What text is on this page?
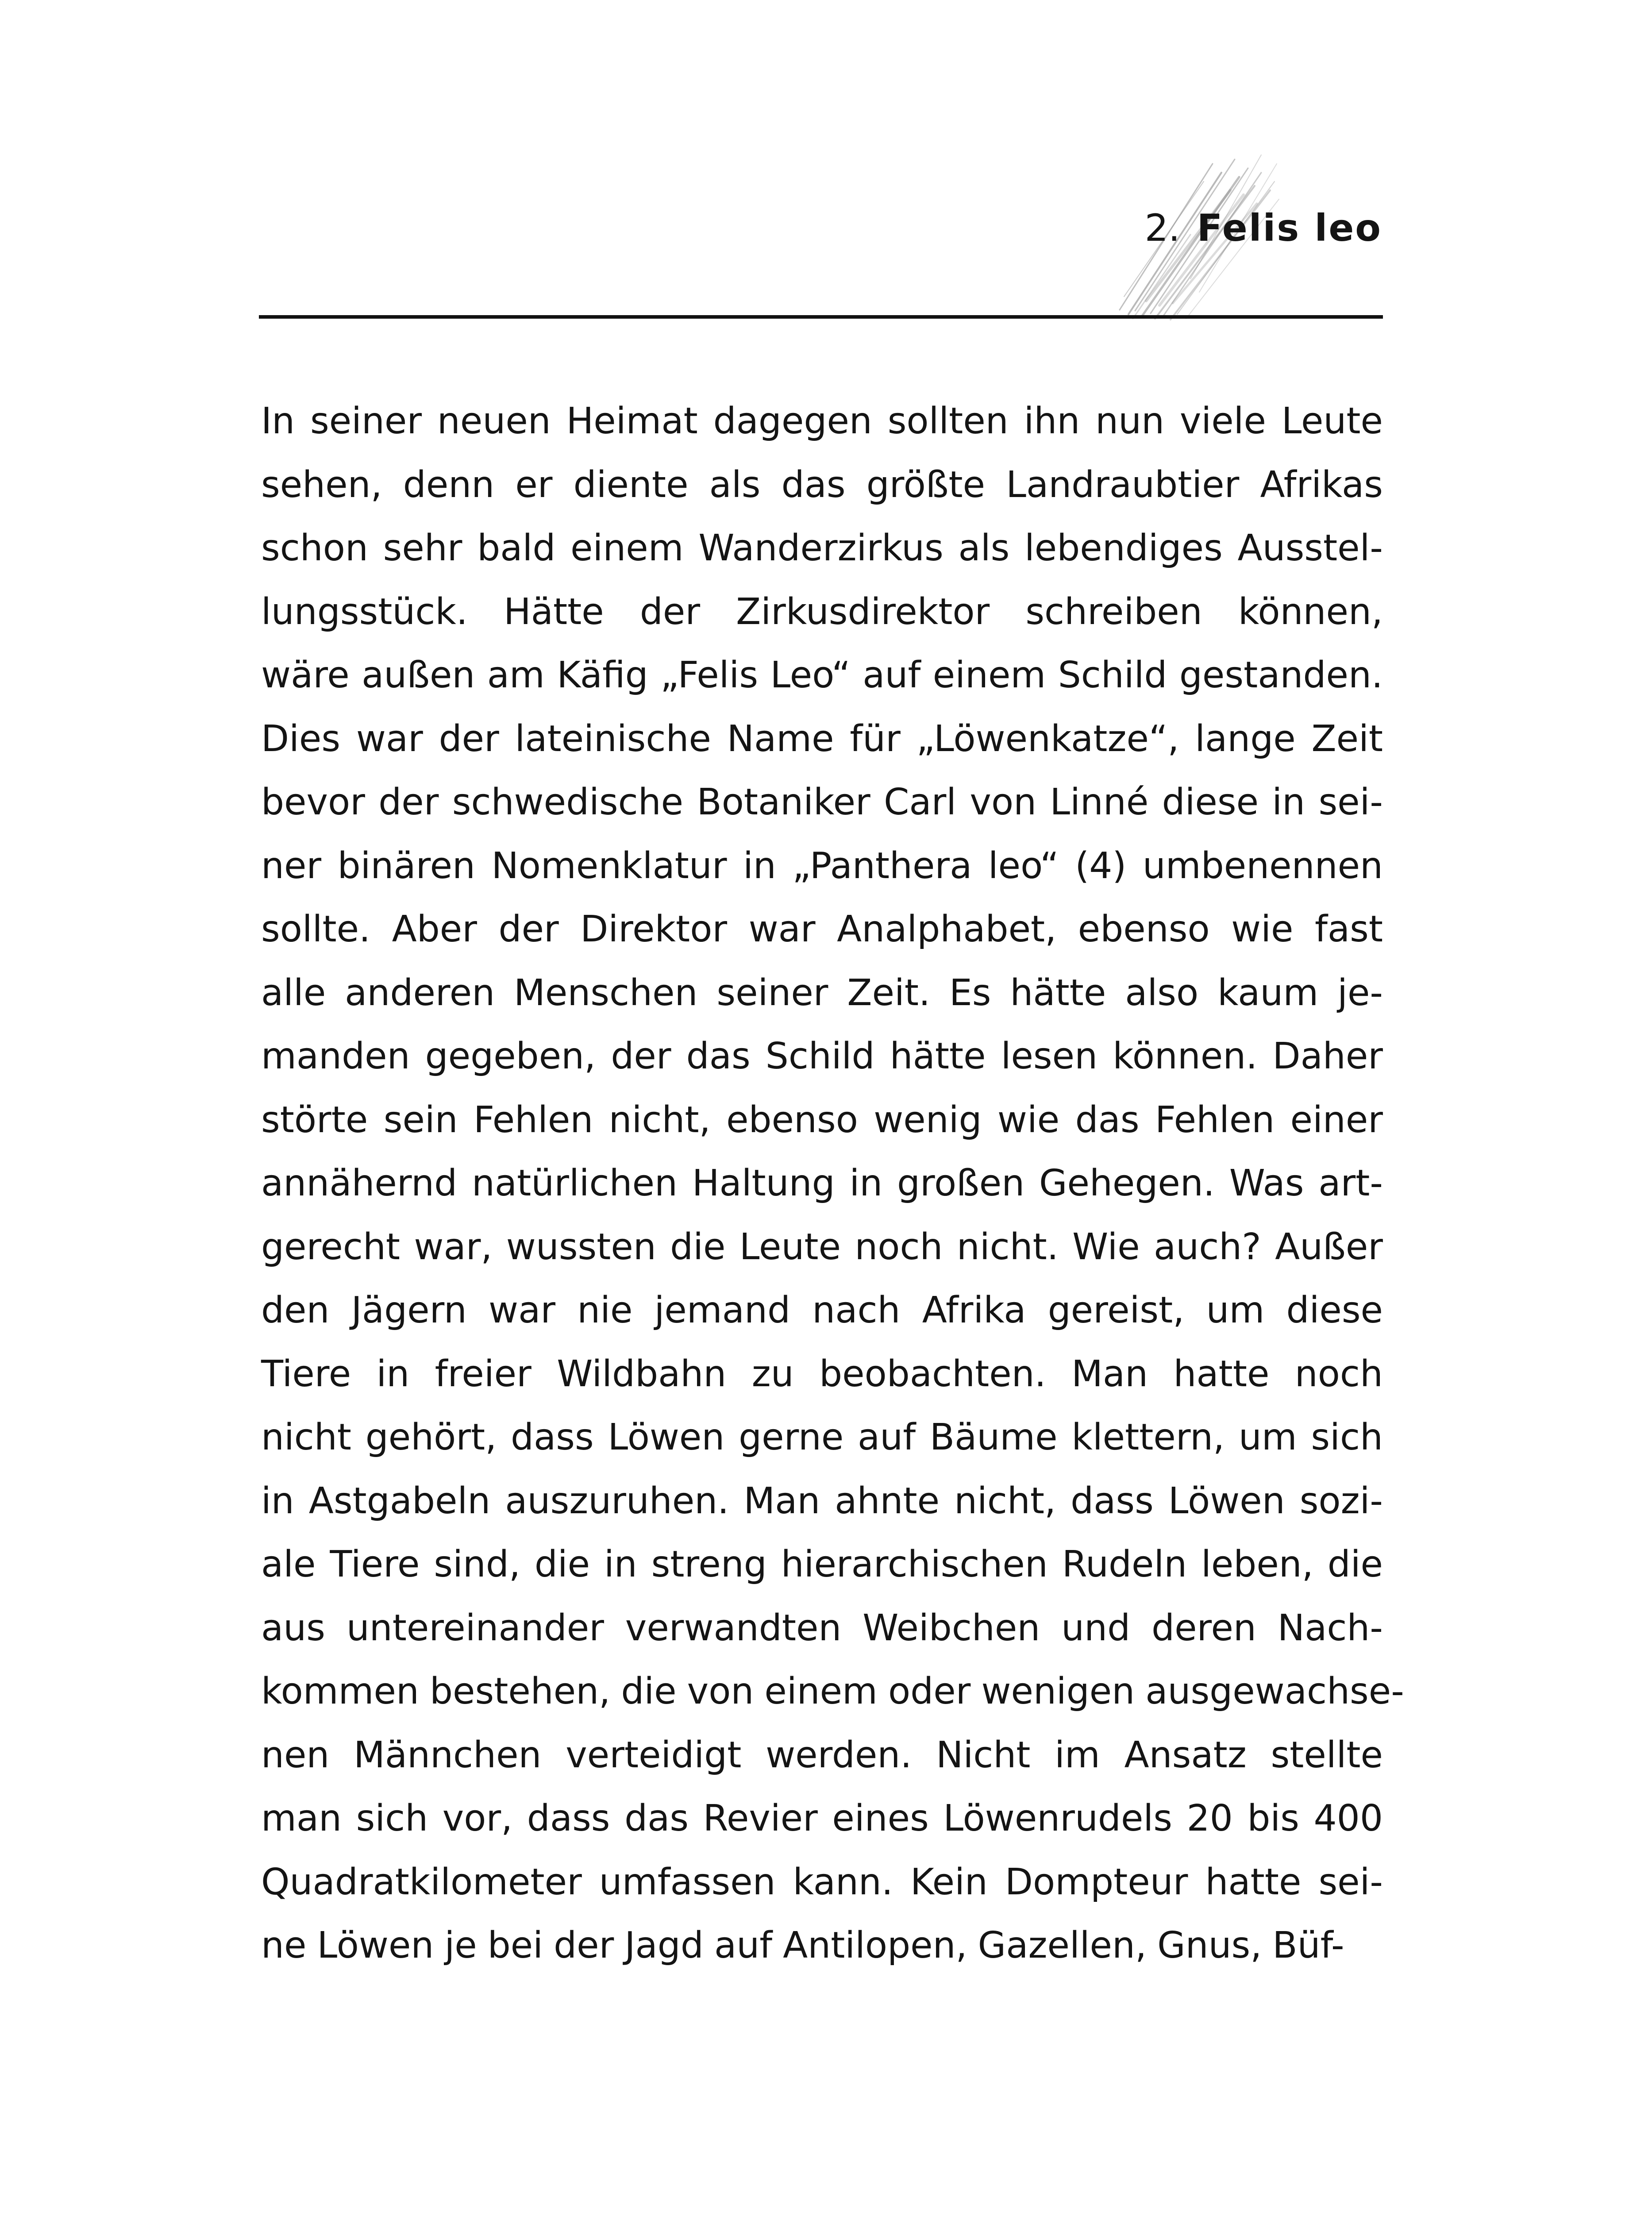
2. Felis leo
In seiner neuen Heimat dagegen sollten ihn nun viele Leute
sehen, denn er diente als das größte Landraubtier Afrikas
schon sehr bald einem Wanderzirkus als lebendiges Ausstel-
lungsstück. Hätte der Zirkusdirektor schreiben können,
wäre außen am Käfig „Felis Leo“ auf einem Schild gestanden.
Dies war der lateinische Name für „Löwenkatze“, lange Zeit
bevor der schwedische Botaniker Carl von Linné diese in sei-
ner binären Nomenklatur in „Panthera leo“ (4) umbenennen
sollte. Aber der Direktor war Analphabet, ebenso wie fast
alle anderen Menschen seiner Zeit. Es hätte also kaum je-
manden gegeben, der das Schild hätte lesen können. Daher
störte sein Fehlen nicht, ebenso wenig wie das Fehlen einer
annähernd natürlichen Haltung in großen Gehegen. Was art-
gerecht war, wussten die Leute noch nicht. Wie auch? Außer
den Jägern war nie jemand nach Afrika gereist, um diese
Tiere in freier Wildbahn zu beobachten. Man hatte noch
nicht gehört, dass Löwen gerne auf Bäume klettern, um sich
in Astgabeln auszuruhen. Man ahnte nicht, dass Löwen sozi-
ale Tiere sind, die in streng hierarchischen Rudeln leben, die
aus untereinander verwandten Weibchen und deren Nach-
kommen bestehen, die von einem oder wenigen ausgewachse-
nen Männchen verteidigt werden. Nicht im Ansatz stellte
man sich vor, dass das Revier eines Löwenrudels 20 bis 400
Quadratkilometer umfassen kann. Kein Dompteur hatte sei-
ne Löwen je bei der Jagd auf Antilopen, Gazellen, Gnus, Büf-
